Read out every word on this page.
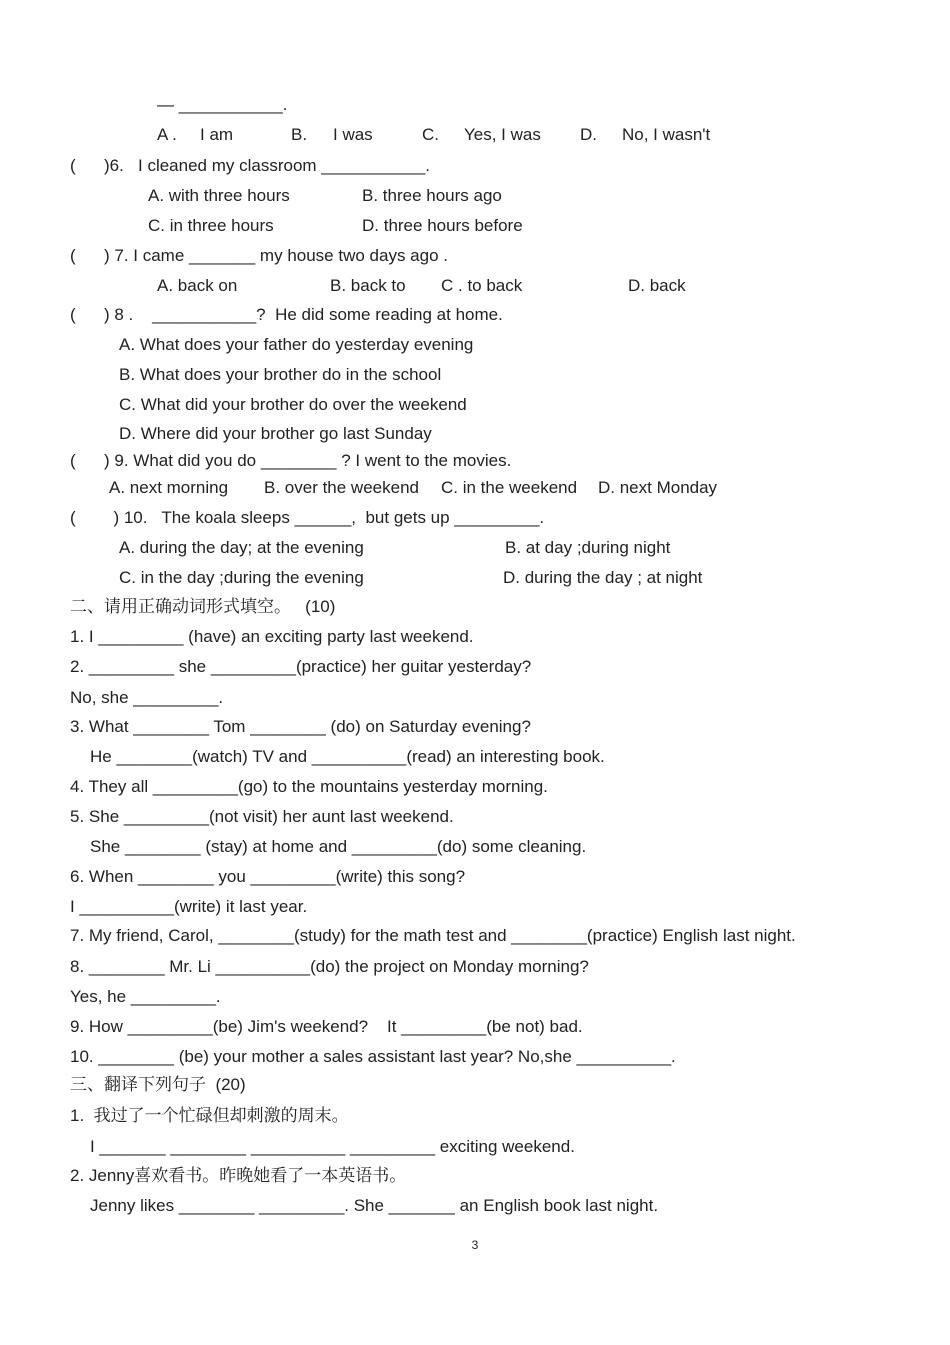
— ___________.
A . I am	B. I was	C. Yes, I was D. No, I wasn't
(      )6.   I cleaned my classroom ___________.
A. with three hours	B. three hours ago
C. in three hours	D. three hours before
(      ) 7. I came _______ my house two days ago .
A. back on	B. back to C . to back	D. back
(      ) 8 .    ___________?  He did some reading at home.
A. What does your father do yesterday evening
B. What does your brother do in the school
C. What did your brother do over the weekend
D. Where did your brother go last Sunday
(      ) 9. What did you do ________ ? I went to the movies.
A. next morning B. over the weekend C. in the weekend D. next Monday
(        ) 10.   The koala sleeps ______,  but gets up _________.
A. during the day; at the evening	B. at day ;during night
C. in the day ;during the evening	D. during the day ; at night
二、请用正确动词形式填空。   (10)
1. I _________ (have) an exciting party last weekend.
2. _________ she _________(practice) her guitar yesterday?
No, she _________.
3. What ________ Tom ________ (do) on Saturday evening?
He ________(watch) TV and __________(read) an interesting book.
4. They all _________(go) to the mountains yesterday morning.
5. She _________(not visit) her aunt last weekend.
She ________ (stay) at home and _________(do) some cleaning.
6. When ________ you _________(write) this song?
I __________(write) it last year.
7. My friend, Carol, ________(study) for the math test and ________(practice) English last night.
8. ________ Mr. Li __________(do) the project on Monday morning?
Yes, he _________.
9. How _________(be) Jim's weekend?    It _________(be not) bad.
10. ________ (be) your mother a sales assistant last year? No,she __________.
三、翻译下列句子  (20)
1.  我过了一个忙碌但却刺激的周末。
I _______ ________ __________ _________ exciting weekend.
2. Jenny喜欢看书。昨晚她看了一本英语书。
Jenny likes ________ _________. She _______ an English book last night.
3
